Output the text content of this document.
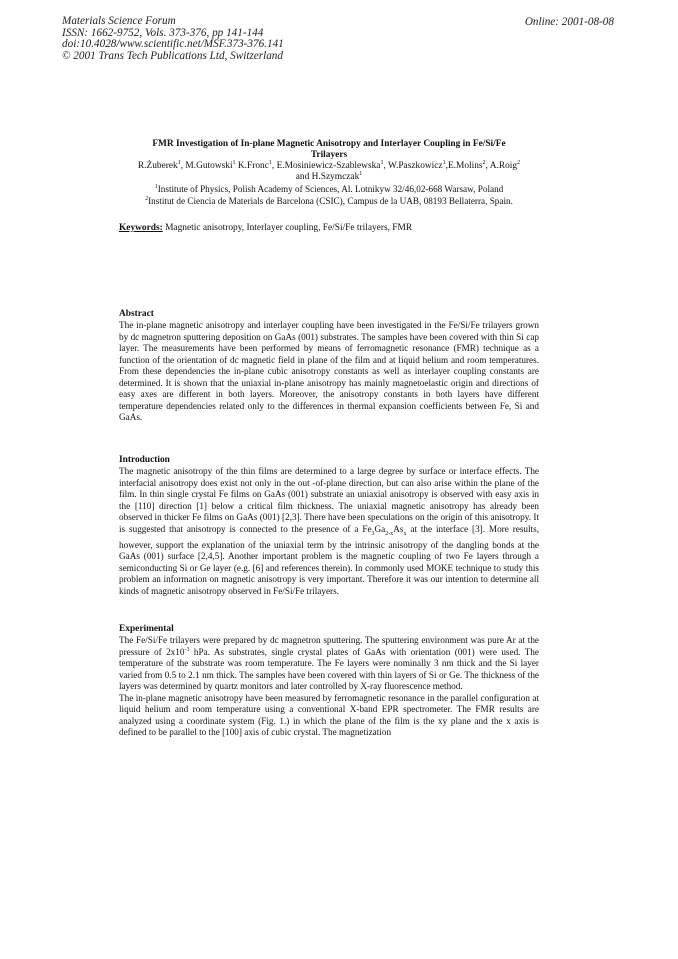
Materials Science Forum
ISSN: 1662-9752, Vols. 373-376, pp 141-144
doi:10.4028/www.scientific.net/MSF.373-376.141
© 2001 Trans Tech Publications Ltd, Switzerland
Online: 2001-08-08
FMR Investigation of In-plane Magnetic Anisotropy and Interlayer Coupling in Fe/Si/Fe
Trilayers
R.Żuberek$^1$, M.Gutowski$^1$ K.Fronc$^1$, E.Mosiniewicz-Szablewska$^1$, W.Paszkowicz$^1$,E.Molins$^2$, A.Roig$^2$
and H.Szymczak$^1$
$^1$Institute of Physics, Polish Academy of Sciences, Al. Lotnikyw 32/46,02-668 Warsaw, Poland
$^2$Institut de Ciencia de Materials de Barcelona (CSIC), Campus de la UAB, 08193 Bellaterra, Spain.
Keywords: Magnetic anisotropy, Interlayer coupling, Fe/Si/Fe trilayers, FMR
Abstract

The in-plane magnetic anisotropy and interlayer coupling have been investigated in the Fe/Si/Fe trilayers grown by dc magnetron sputtering deposition on GaAs (001) substrates. The samples have been covered with thin Si cap layer. The measurements have been performed by means of ferromagnetic resonance (FMR) technique as a function of the orientation of dc magnetic field in plane of the film and at liquid helium and room temperatures. From these dependencies the in-plane cubic anisotropy constants as well as interlayer coupling constants are determined. It is shown that the uniaxial in-plane anisotropy has mainly magnetoelastic origin and directions of easy axes are different in both layers. Moreover, the anisotropy constants in both layers have different temperature dependencies related only to the differences in thermal expansion coefficients between Fe, Si and GaAs.

Introduction

The magnetic anisotropy of the thin films are determined to a large degree by surface or interface effects. The interfacial anisotropy does exist not only in the out -of-plane direction, but can also arise within the plane of the film. In thin single crystal Fe films on GaAs (001) substrate an uniaxial anisotropy is observed with easy axis in the [110] direction [1] below a critical film thickness. The uniaxial magnetic anisotropy has already been observed in thicker Fe films on GaAs (001) [2,3]. There have been speculations on the origin of this anisotropy. It is suggested that anisotropy is connected to the presence of a $Fe_3Ga_{2-x}As_x$ at the interface [3]. More results, however, support the explanation of the uniaxial term by the intrinsic anisotropy of the dangling bonds at the GaAs (001) surface [2,4,5]. Another important problem is the magnetic coupling of two Fe layers through a semiconducting Si or Ge layer (e.g. [6] and references therein). In commonly used MOKE technique to study this problem an information on magnetic anisotropy is very important. Therefore it was our intention to determine all kinds of magnetic anisotropy observed in Fe/Si/Fe trilayers.

Experimental

The Fe/Si/Fe trilayers were prepared by dc magnetron sputtering. The sputtering environment was pure Ar at the pressure of $2x10^{-3}$ hPa. As substrates, single crystal plates of GaAs with orientation (001) were used. The temperature of the substrate was room temperature. The Fe layers were nominally 3 nm thick and the Si layer varied from 0.5 to 2.1 nm thick. The samples have been covered with thin layers of Si or Ge. The thickness of the layers was determined by quartz monitors and later controlled by X-ray fluorescence method.

The in-plane magnetic anisotropy have been measured by ferromagnetic resonance in the parallel configuration at liquid helium and room temperature using a conventional X-band EPR spectrometer. The FMR results are analyzed using a coordinate system (Fig. 1.) in which the plane of the film is the xy plane and the x axis is defined to be parallel to the [100] axis of cubic crystal. The magnetization
